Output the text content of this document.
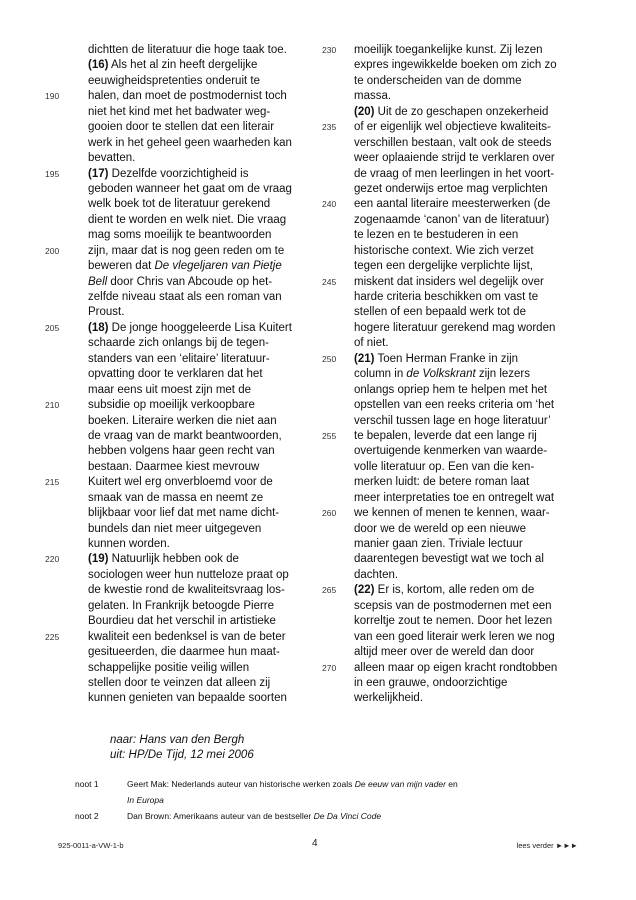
dichtten de literatuur die hoge taak toe.
(16) Als het al zin heeft dergelijke
eeuwigheidspretenties onderuit te
190	halen, dan moet de postmodernist toch
niet het kind met het badwater weg-
gooien door te stellen dat een literair
werk in het geheel geen waarheden kan
bevatten.
195	(17) Dezelfde voorzichtigheid is
geboden wanneer het gaat om de vraag
welk boek tot de literatuur gerekend
dient te worden en welk niet. Die vraag
mag soms moeilijk te beantwoorden
200	zijn, maar dat is nog geen reden om te
beweren dat De vlegeljaren van Pietje
Bell door Chris van Abcoude op het-
zelfde niveau staat als een roman van
Proust.
205	(18) De jonge hooggeleerde Lisa Kuitert
schaarde zich onlangs bij de tegen-
standers van een ‘elitaire’ literatuur-
opvatting door te verklaren dat het
maar eens uit moest zijn met de
210	subsidie op moeilijk verkoopbare
boeken. Literaire werken die niet aan
de vraag van de markt beantwoorden,
hebben volgens haar geen recht van
bestaan. Daarmee kiest mevrouw
215	Kuitert wel erg onverbloemd voor de
smaak van de massa en neemt ze
blijkbaar voor lief dat met name dicht-
bundels dan niet meer uitgegeven
kunnen worden.
220	(19) Natuurlijk hebben ook de
sociologen weer hun nutteloze praat op
de kwestie rond de kwaliteitsvraag los-
gelaten. In Frankrijk betoogde Pierre
Bourdieu dat het verschil in artistieke
225	kwaliteit een bedenksel is van de beter
gesitueerden, die daarmee hun maat-
schappelijke positie veilig willen
stellen door te veinzen dat alleen zij
kunnen genieten van bepaalde soorten
230	moeilijk toegankelijke kunst. Zij lezen
expres ingewikkelde boeken om zich zo
te onderscheiden van de domme
massa.
(20) Uit de zo geschapen onzekerheid
235	of er eigenlijk wel objectieve kwaliteits-
verschillen bestaan, valt ook de steeds
weer oplaaiende strijd te verklaren over
de vraag of men leerlingen in het voort-
gezet onderwijs ertoe mag verplichten
240	een aantal literaire meesterwerken (de
zogenaamde ‘canon’ van de literatuur)
te lezen en te bestuderen in een
historische context. Wie zich verzet
tegen een dergelijke verplichte lijst,
245	miskent dat insiders wel degelijk over
harde criteria beschikken om vast te
stellen of een bepaald werk tot de
hogere literatuur gerekend mag worden
of niet.
250	(21) Toen Herman Franke in zijn
column in de Volkskrant zijn lezers
onlangs opriep hem te helpen met het
opstellen van een reeks criteria om ‘het
verschil tussen lage en hoge literatuur’
255	te bepalen, leverde dat een lange rij
overtuigende kenmerken van waarde-
volle literatuur op. Een van die ken-
merken luidt: de betere roman laat
meer interpretaties toe en ontregelt wat
260	we kennen of menen te kennen, waar-
door we de wereld op een nieuwe
manier gaan zien. Triviale lectuur
daarentegen bevestigt wat we toch al
dachten.
265	(22) Er is, kortom, alle reden om de
scepsis van de postmodernen met een
korreltje zout te nemen. Door het lezen
van een goed literair werk leren we nog
altijd meer over de wereld dan door
270	alleen maar op eigen kracht rondtobben
in een grauwe, ondoorzichtige
werkelijkheid.
naar: Hans van den Bergh
uit: HP/De Tijd, 12 mei 2006
noot 1	Geert Mak: Nederlands auteur van historische werken zoals De eeuw van mijn vader en
In Europa
noot 2	Dan Brown: Amerikaans auteur van de bestseller De Da Vinci Code
925-0011-a-VW-1-b	4	lees verder ►►►
